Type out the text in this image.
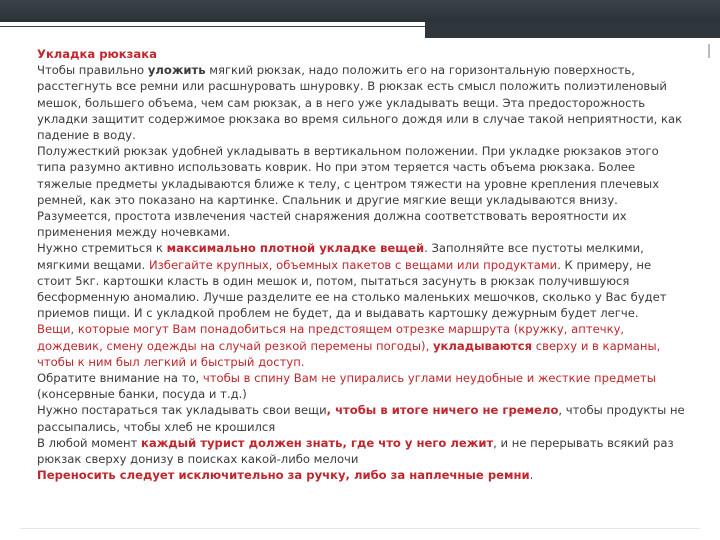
Укладка рюкзака

Чтобы правильно уложить мягкий рюкзак, надо положить его на горизонтальную поверхность, расстегнуть все ремни или расшнуровать шнуровку. В рюкзак есть смысл положить полиэтиленовый мешок, большего объема, чем сам рюкзак, а в него уже укладывать вещи. Эта предосторожность укладки защитит содержимое рюкзака во время сильного дождя или в случае такой неприятности, как падение в воду.

Полужесткий рюкзак удобней укладывать в вертикальном положении. При укладке рюкзаков этого типа разумно активно использовать коврик. Но при этом теряется часть объема рюкзака. Более тяжелые предметы укладываются ближе к телу, с центром тяжести на уровне крепления плечевых ремней, как это показано на картинке. Спальник и другие мягкие вещи укладываются внизу. Разумеется, простота извлечения частей снаряжения должна соответствовать вероятности их применения между ночевками.

Нужно стремиться к максимально плотной укладке вещей. Заполняйте все пустоты мелкими, мягкими вещами. Избегайте крупных, объемных пакетов с вещами или продуктами. К примеру, не стоит 5кг. картошки класть в один мешок и, потом, пытаться засунуть в рюкзак получившуюся бесформенную аномалию. Лучше разделите ее на столько маленьких мешочков, сколько у Вас будет приемов пищи. И с укладкой проблем не будет, да и выдавать картошку дежурным будет легче.

Вещи, которые могут Вам понадобиться на предстоящем отрезке маршрута (кружку, аптечку, дождевик, смену одежды на случай резкой перемены погоды), укладываются сверху и в карманы, чтобы к ним был легкий и быстрый доступ.

Обратите внимание на то, чтобы в спину Вам не упирались углами неудобные и жесткие предметы (консервные банки, посуда и т.д.)

Нужно постараться так укладывать свои вещи, чтобы в итоге ничего не гремело, чтобы продукты не рассыпались, чтобы хлеб не крошился

В любой момент каждый турист должен знать, где что у него лежит, и не перерывать всякий раз рюкзак сверху донизу в поисках какой-либо мелочи

Переносить следует исключительно за ручку, либо за наплечные ремни.
